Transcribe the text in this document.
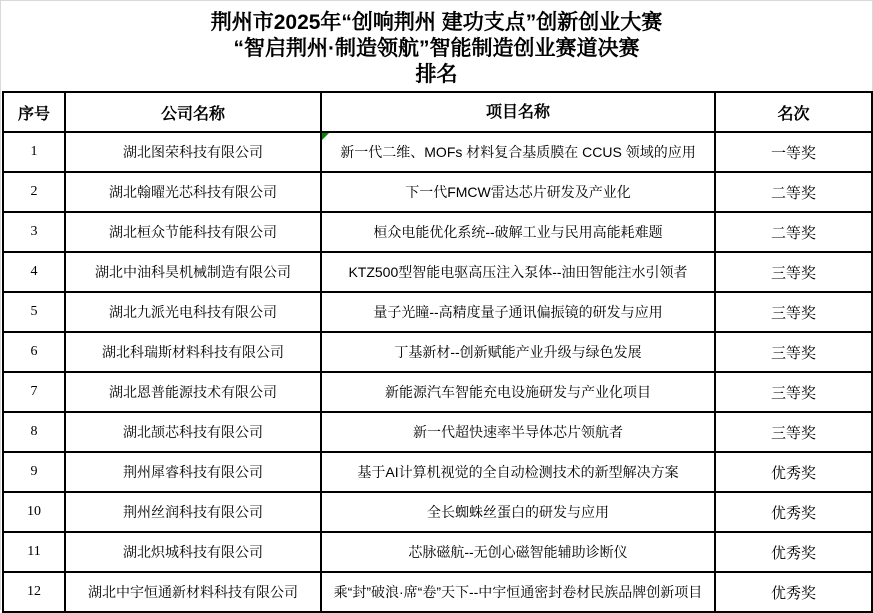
荆州市2025年“创响荆州 建功支点”创新创业大赛
“智启荆州·制造领航”智能制造创业赛道决赛
排名
序号	公司名称	项目名称	名次
1	湖北图荣科技有限公司	新一代二维、MOFs 材料复合基质膜在 CCUS 领域的应用	一等奖
2	湖北翰曜光芯科技有限公司	下一代FMCW雷达芯片研发及产业化	二等奖
3	湖北桓众节能科技有限公司	桓众电能优化系统--破解工业与民用高能耗难题	二等奖
4	湖北中油科昊机械制造有限公司	KTZ500型智能电驱高压注入泵体--油田智能注水引领者	三等奖
5	湖北九派光电科技有限公司	量子光瞳--高精度量子通讯偏振镜的研发与应用	三等奖
6	湖北科瑞斯材料科技有限公司	丁基新材--创新赋能产业升级与绿色发展	三等奖
7	湖北恩普能源技术有限公司	新能源汽车智能充电设施研发与产业化项目	三等奖
8	湖北颉芯科技有限公司	新一代超快速率半导体芯片领航者	三等奖
9	荆州犀睿科技有限公司	基于AI计算机视觉的全自动检测技术的新型解决方案	优秀奖
10	荆州丝润科技有限公司	全长蜘蛛丝蛋白的研发与应用	优秀奖
11	湖北炽城科技有限公司	芯脉磁航--无创心磁智能辅助诊断仪	优秀奖
12	湖北中宇恒通新材料科技有限公司	乘“封”破浪·席“卷”天下--中宇恒通密封卷材民族品牌创新项目	优秀奖
